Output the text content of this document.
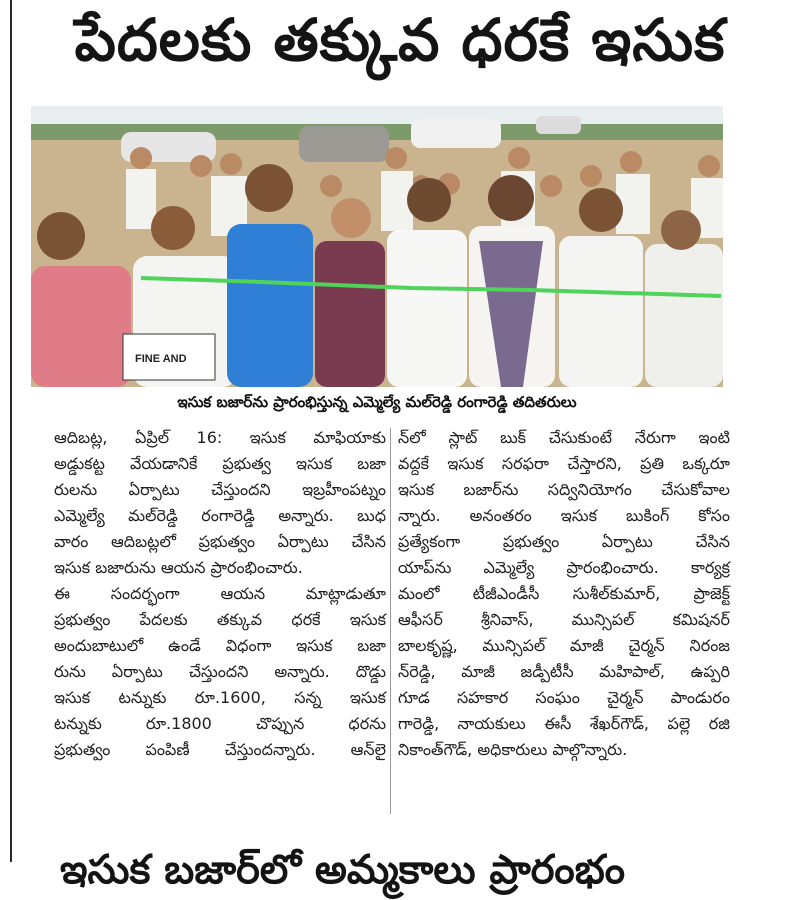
పేదలకు తక్కువ ధరకే ఇసుక
FINE AND
ఇసుక బజార్‌ను ప్రారంభిస్తున్న ఎమ్మెల్యే మల్‌రెడ్డి రంగారెడ్డి తదితరులు
ఆదిబట్ల, ఏప్రిల్ 16: ఇసుక మాఫియాకు
అడ్డుకట్ట వేయడానికే ప్రభుత్వ ఇసుక బజా
రులను ఏర్పాటు చేస్తుందని ఇబ్రహీంపట్నం
ఎమ్మెల్యే మల్‌రెడ్డి రంగారెడ్డి అన్నారు. బుధ
వారం ఆదిబట్లలో ప్రభుత్వం ఏర్పాటు చేసిన
ఇసుక బజారును ఆయన ప్రారంభించారు.
ఈ సందర్భంగా ఆయన మాట్లాడుతూ
ప్రభుత్వం పేదలకు తక్కువ ధరకే ఇసుక
అందుబాటులో ఉండే విధంగా ఇసుక బజా
రును ఏర్పాటు చేస్తుందని అన్నారు. దొడ్డు
ఇసుక టన్నుకు రూ.1600, సన్న ఇసుక
టన్నుకు రూ.1800 చొప్పున ధరను
ప్రభుత్వం పంపిణీ చేస్తుందన్నారు. ఆన్‌లై
న్‌లో స్లాట్ బుక్ చేసుకుంటే నేరుగా ఇంటి
వద్దకే ఇసుక సరఫరా చేస్తారని, ప్రతి ఒక్కరూ
ఇసుక బజార్‌ను సద్వినియోగం చేసుకోవాల
న్నారు. అనంతరం ఇసుక బుకింగ్ కోసం
ప్రత్యేకంగా ప్రభుత్వం ఏర్పాటు చేసిన
యాప్‌ను ఎమ్మెల్యే ప్రారంభించారు. కార్యక్ర
మంలో టీజీఎండీసీ సుశీల్‌కుమార్, ప్రాజెక్ట్
ఆఫీసర్ శ్రీనివాస్, మున్సిపల్ కమిషనర్
బాలకృష్ణ, మున్సిపల్ మాజీ చైర్మన్ నిరంజ
న్‌రెడ్డి, మాజీ జడ్పీటీసీ మహిపాల్, ఉప్పరి
గూడ సహకార సంఘం చైర్మన్ పాండురం
గారెడ్డి, నాయకులు ఈసీ శేఖర్‌గౌడ్, పల్లె రజి
నికాంత్‌గౌడ్, అధికారులు పాల్గొన్నారు.
ఇసుక బజార్‌లో అమ్మకాలు ప్రారంభం
